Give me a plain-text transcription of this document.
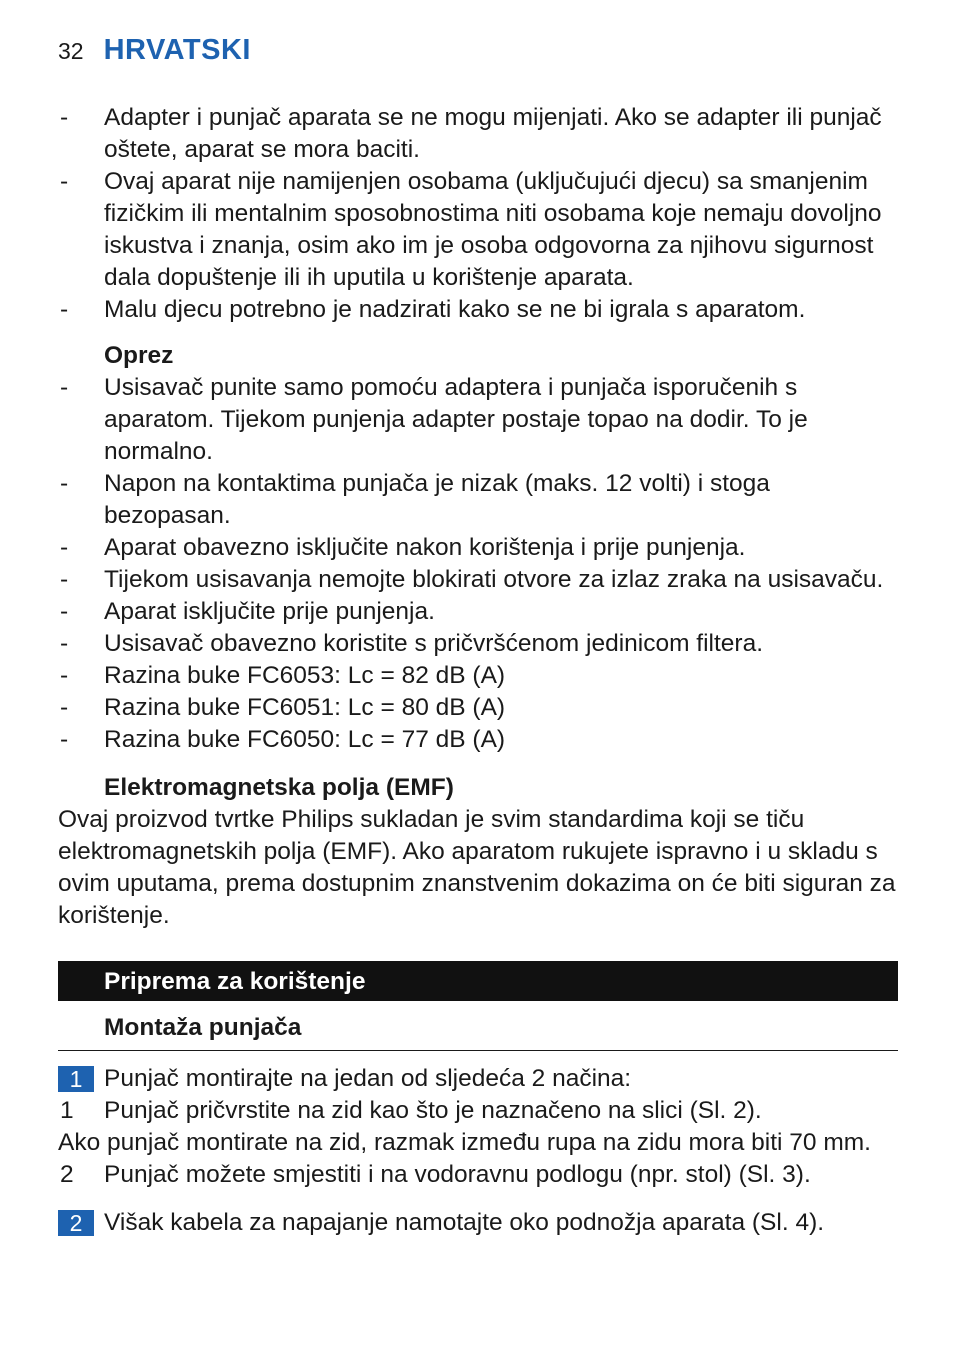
32 HRVATSKI
- Adapter i punjač aparata se ne mogu mijenjati. Ako se adapter ili punjač oštete, aparat se mora baciti.
- Ovaj aparat nije namijenjen osobama (uključujući djecu) sa smanjenim fizičkim ili mentalnim sposobnostima niti osobama koje nemaju dovoljno iskustva i znanja, osim ako im je osoba odgovorna za njihovu sigurnost dala dopuštenje ili ih uputila u korištenje aparata.
- Malu djecu potrebno je nadzirati kako se ne bi igrala s aparatom.
Oprez
- Usisavač punite samo pomoću adaptera i punjača isporučenih s aparatom. Tijekom punjenja adapter postaje topao na dodir. To je normalno.
- Napon na kontaktima punjača je nizak (maks. 12 volti) i stoga bezopasan.
- Aparat obavezno isključite nakon korištenja i prije punjenja.
- Tijekom usisavanja nemojte blokirati otvore za izlaz zraka na usisavaču.
- Aparat isključite prije punjenja.
- Usisavač obavezno koristite s pričvršćenom jedinicom filtera.
- Razina buke FC6053: Lc = 82 dB (A)
- Razina buke FC6051: Lc = 80 dB (A)
- Razina buke FC6050: Lc = 77 dB (A)
Elektromagnetska polja (EMF)
Ovaj proizvod tvrtke Philips sukladan je svim standardima koji se tiču elektromagnetskih polja (EMF). Ako aparatom rukujete ispravno i u skladu s ovim uputama, prema dostupnim znanstvenim dokazima on će biti siguran za korištenje.
Priprema za korištenje
Montaža punjača
1 Punjač montirajte na jedan od sljedeća 2 načina:
1 Punjač pričvrstite na zid kao što je naznačeno na slici (Sl. 2).
Ako punjač montirate na zid, razmak između rupa na zidu mora biti 70 mm.
2 Punjač možete smjestiti i na vodoravnu podlogu (npr. stol) (Sl. 3).
2 Višak kabela za napajanje namotajte oko podnožja aparata (Sl. 4).
